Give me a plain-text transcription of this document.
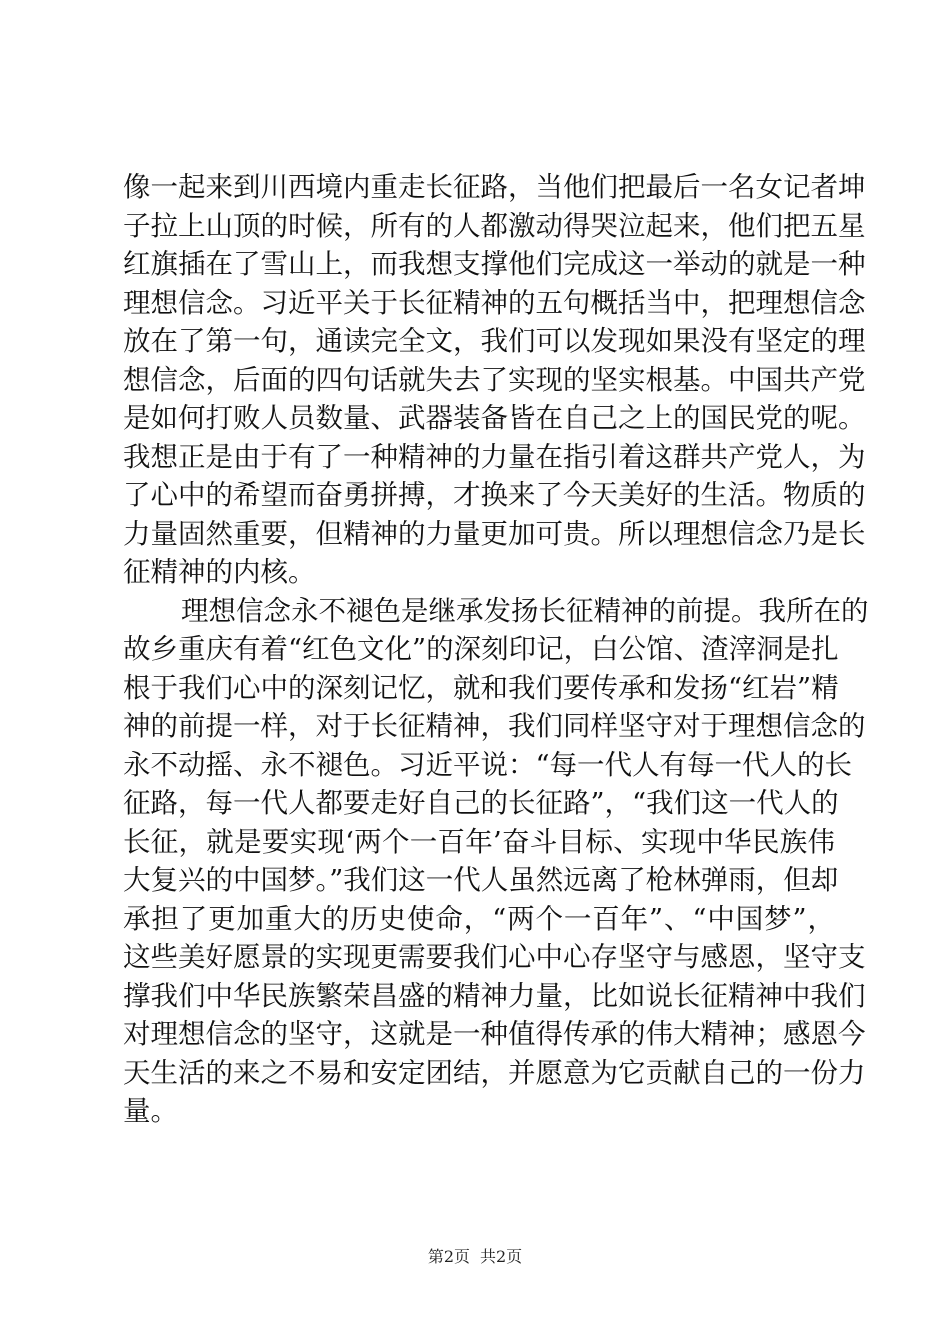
像一起来到川西境内重走长征路，当他们把最后一名女记者坤
子拉上山顶的时候，所有的人都激动得哭泣起来，他们把五星
红旗插在了雪山上，而我想支撑他们完成这一举动的就是一种
理想信念。习近平关于长征精神的五句概括当中，把理想信念
放在了第一句，通读完全文，我们可以发现如果没有坚定的理
想信念，后面的四句话就失去了实现的坚实根基。中国共产党
是如何打败人员数量、武器装备皆在自己之上的国民党的呢。
我想正是由于有了一种精神的力量在指引着这群共产党人，为
了心中的希望而奋勇拼搏，才换来了今天美好的生活。物质的
力量固然重要，但精神的力量更加可贵。所以理想信念乃是长
征精神的内核。
理想信念永不褪色是继承发扬长征精神的前提。我所在的
故乡重庆有着“红色文化”的深刻印记，白公馆、渣滓洞是扎
根于我们心中的深刻记忆，就和我们要传承和发扬“红岩”精
神的前提一样，对于长征精神，我们同样坚守对于理想信念的
永不动摇、永不褪色。习近平说：“每一代人有每一代人的长
征路，每一代人都要走好自己的长征路”，“我们这一代人的
长征，就是要实现‘两个一百年’奋斗目标、实现中华民族伟
大复兴的中国梦。”我们这一代人虽然远离了枪林弹雨，但却
承担了更加重大的历史使命，“两个一百年”、“中国梦”，
这些美好愿景的实现更需要我们心中心存坚守与感恩，坚守支
撑我们中华民族繁荣昌盛的精神力量，比如说长征精神中我们
对理想信念的坚守，这就是一种值得传承的伟大精神；感恩今
天生活的来之不易和安定团结，并愿意为它贡献自己的一份力
量。
第2页 共2页
